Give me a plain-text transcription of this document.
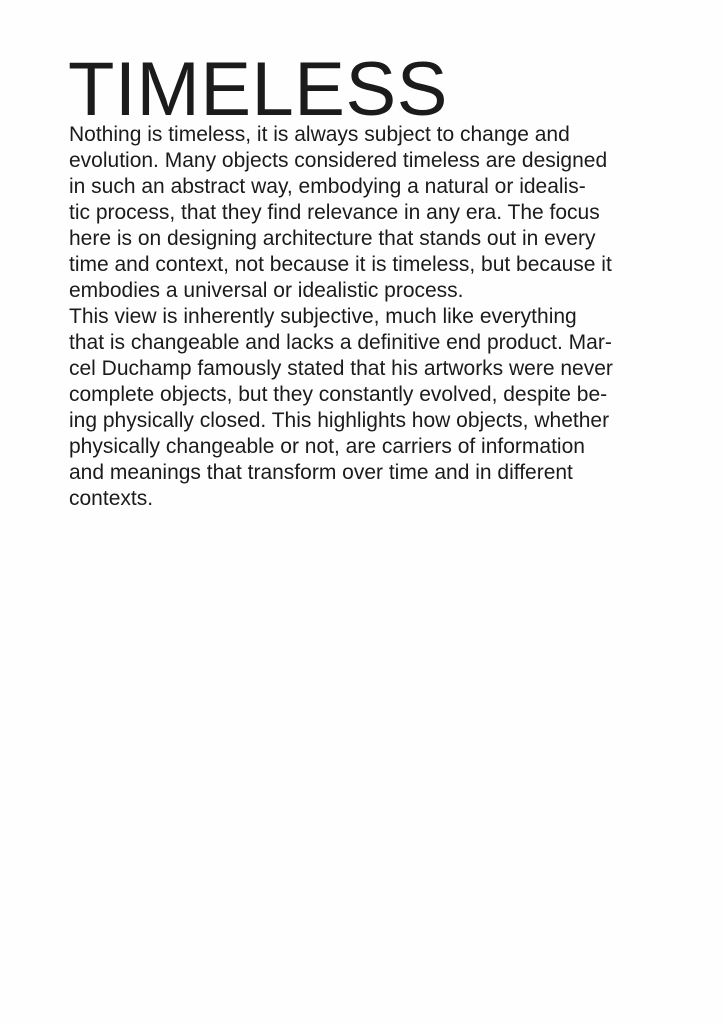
TIMELESS
Nothing is timeless, it is always subject to change and
evolution. Many objects considered timeless are designed
in such an abstract way, embodying a natural or idealis-
tic process, that they find relevance in any era. The focus
here is on designing architecture that stands out in every
time and context, not because it is timeless, but because it
embodies a universal or idealistic process.
This view is inherently subjective, much like everything
that is changeable and lacks a definitive end product. Mar-
cel Duchamp famously stated that his artworks were never
complete objects, but they constantly evolved, despite be-
ing physically closed. This highlights how objects, whether
physically changeable or not, are carriers of information
and meanings that transform over time and in different
contexts.
